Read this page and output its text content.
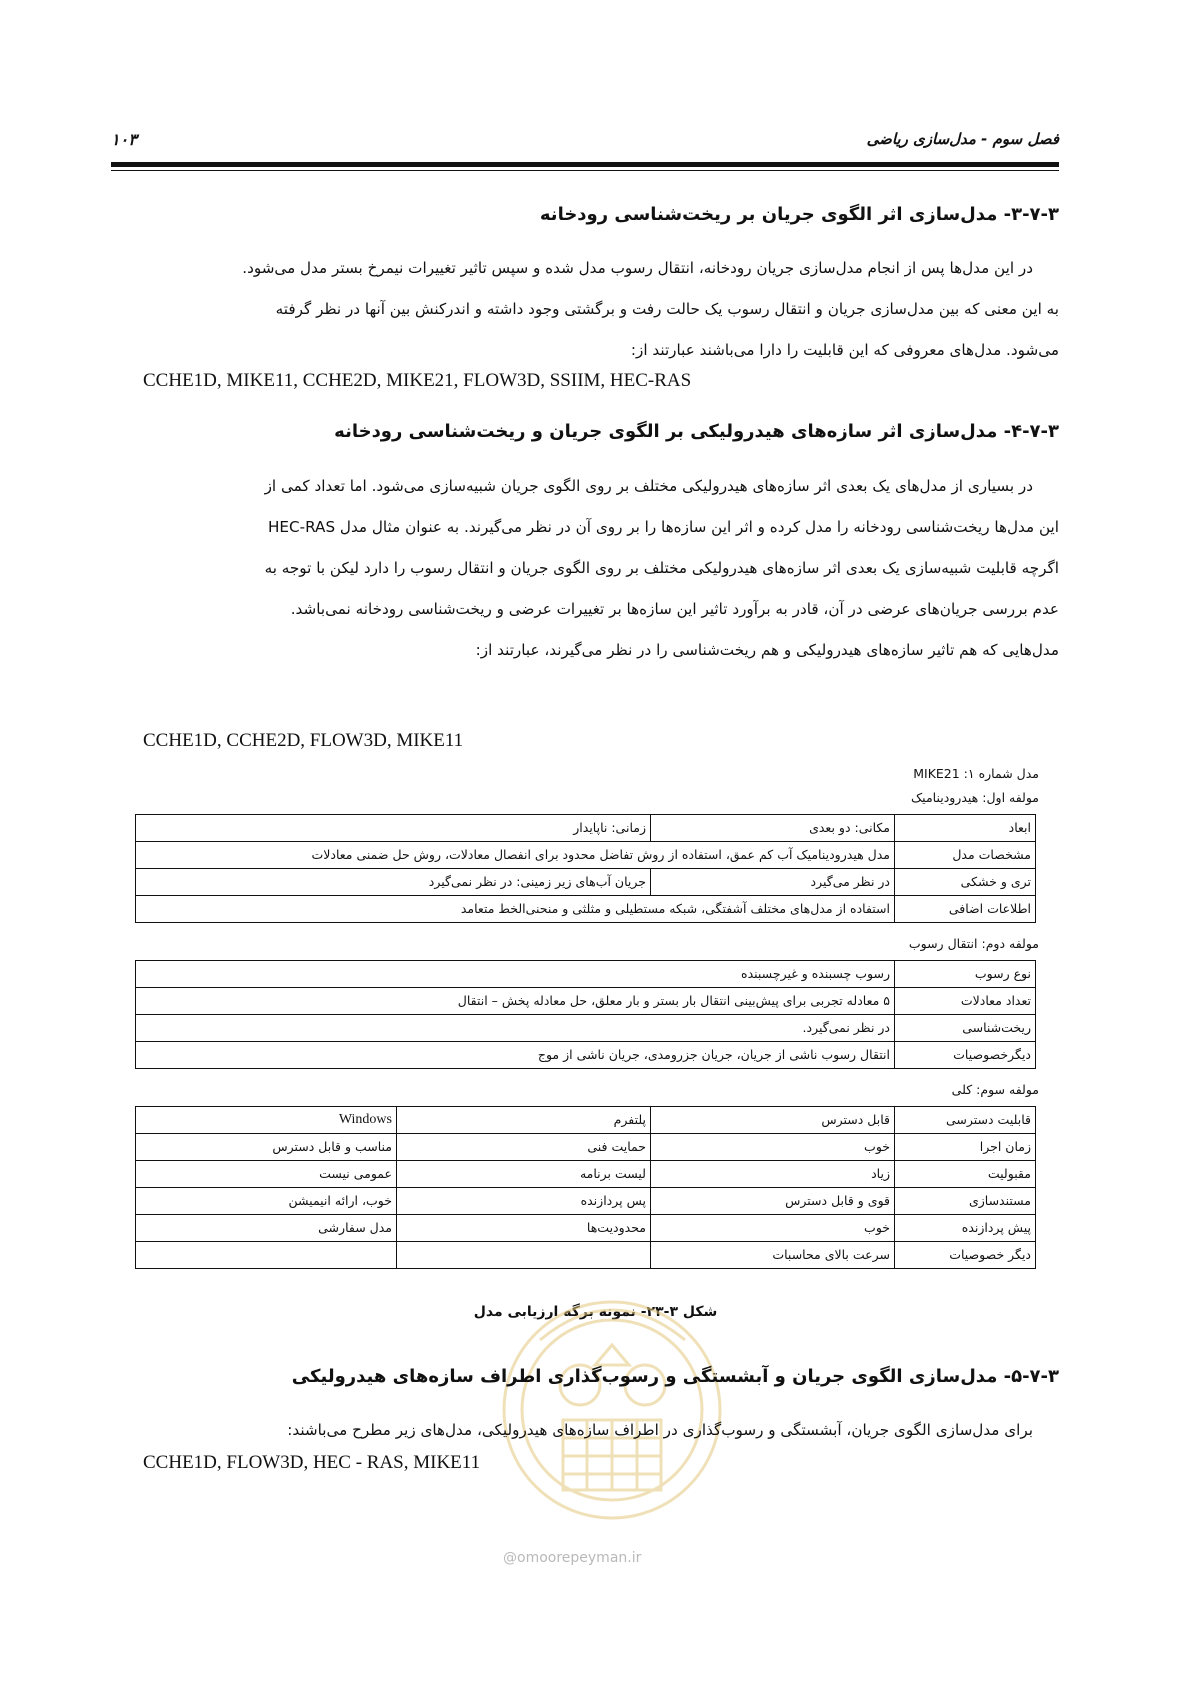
فصل سوم - مدل‌سازی ریاضی
۱۰۳
۳-۷-۳- مدل‌سازی اثر الگوی جریان بر ریخت‌شناسی رودخانه

در این مدل‌ها پس از انجام مدل‌سازی جریان رودخانه، انتقال رسوب مدل شده و سپس تاثیر تغییرات نیمرخ بستر مدل می‌شود.

به این معنی که بین مدل‌سازی جریان و انتقال رسوب یک حالت رفت و برگشتی وجود داشته و اندرکنش بین آنها در نظر گرفته

می‌شود. مدل‌های معروفی که این قابلیت را دارا می‌باشند عبارتند از:

CCHE1D, MIKE11, CCHE2D, MIKE21, FLOW3D, SSIIM, HEC-RAS
۴-۷-۳- مدل‌سازی اثر سازه‌های هیدرولیکی بر الگوی جریان و ریخت‌شناسی رودخانه

در بسیاری از مدل‌های یک بعدی اثر سازه‌های هیدرولیکی مختلف بر روی الگوی جریان شبیه‌سازی می‌شود. اما تعداد کمی از

این مدل‌ها ریخت‌شناسی رودخانه را مدل کرده و اثر این سازه‌ها را بر روی آن در نظر می‌گیرند. به عنوان مثال مدل HEC-RAS

اگرچه قابلیت شبیه‌سازی یک بعدی اثر سازه‌های هیدرولیکی مختلف بر روی الگوی جریان و انتقال رسوب را دارد لیکن با توجه به

عدم بررسی جریان‌های عرضی در آن، قادر به برآورد تاثیر این سازه‌ها بر تغییرات عرضی و ریخت‌شناسی رودخانه نمی‌باشد.

مدل‌هایی که هم تاثیر سازه‌های هیدرولیکی و هم ریخت‌شناسی را در نظر می‌گیرند، عبارتند از:

CCHE1D, CCHE2D, FLOW3D, MIKE11
مدل شماره ۱: MIKE21
مولفه اول: هیدرودینامیک
ابعاد	مکانی: دو بعدی	زمانی: ناپایدار
مشخصات مدل	مدل هیدرودینامیک آب کم عمق، استفاده از روش تفاضل محدود برای انفصال معادلات، روش حل ضمنی معادلات	
تری و خشکی	در نظر می‌گیرد	جریان آب‌های زیر زمینی: در نظر نمی‌گیرد
اطلاعات اضافی	استفاده از مدل‌های مختلف آشفتگی، شبکه مستطیلی و مثلثی و منحنی‌الخط متعامد	
مولفه دوم: انتقال رسوب
نوع رسوب	رسوب چسبنده و غیرچسبنده
تعداد معادلات	۵ معادله تجربی برای پیش‌بینی انتقال بار بستر و بار معلق، حل معادله پخش – انتقال
ریخت‌شناسی	در نظر نمی‌گیرد.
دیگرخصوصیات	انتقال رسوب ناشی از جریان، جریان جزرومدی، جریان ناشی از موج
مولفه سوم: کلی
قابلیت دسترسی	قابل دسترس	پلتفرم	Windows
زمان اجرا	خوب	حمایت فنی	مناسب و قابل دسترس
مقبولیت	زیاد	لیست برنامه	عمومی نیست
مستندسازی	قوی و قابل دسترس	پس پردازنده	خوب، ارائه انیمیشن
پیش پردازنده	خوب	محدودیت‌ها	مدل سفارشی
دیگر خصوصیات	سرعت بالای محاسبات		
شکل ۳-۲۳- نمونه برگه ارزیابی مدل
@omoorepeyman.ir
۵-۷-۳- مدل‌سازی الگوی جریان و آبشستگی و رسوب‌گذاری اطراف سازه‌های هیدرولیکی

برای مدل‌سازی الگوی جریان، آبشستگی و رسوب‌گذاری در اطراف سازه‌های هیدرولیکی، مدل‌های زیر مطرح می‌باشند:

CCHE1D, FLOW3D, HEC - RAS, MIKE11
